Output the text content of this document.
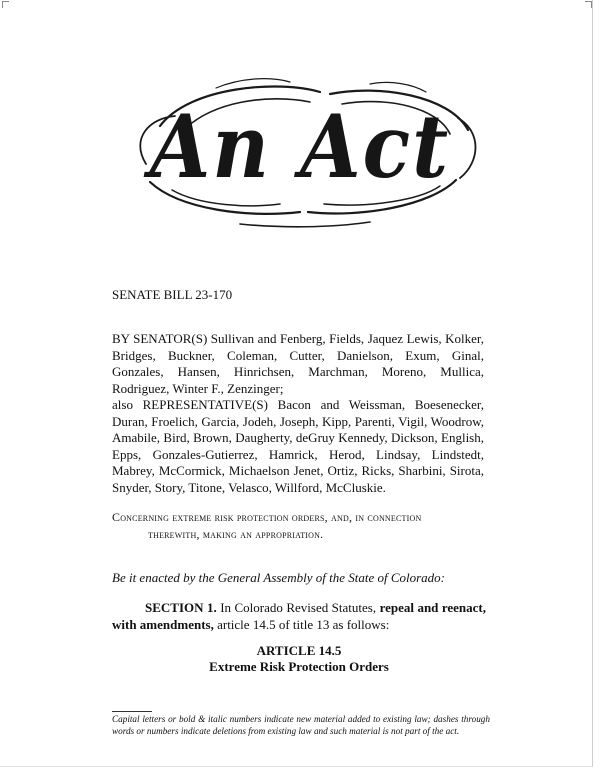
An Act
SENATE BILL 23-170

BY SENATOR(S) Sullivan and Fenberg, Fields, Jaquez Lewis, Kolker, Bridges, Buckner, Coleman, Cutter, Danielson, Exum, Ginal, Gonzales, Hansen, Hinrichsen, Marchman, Moreno, Mullica, Rodriguez, Winter F., Zenzinger;

also REPRESENTATIVE(S) Bacon and Weissman, Boesenecker, Duran, Froelich, Garcia, Jodeh, Joseph, Kipp, Parenti, Vigil, Woodrow, Amabile, Bird, Brown, Daugherty, deGruy Kennedy, Dickson, English, Epps, Gonzales-Gutierrez, Hamrick, Herod, Lindsay, Lindstedt, Mabrey, McCormick, Michaelson Jenet, Ortiz, Ricks, Sharbini, Sirota, Snyder, Story, Titone, Velasco, Willford, McCluskie.

Concerning extreme risk protection orders, and, in connection
therewith, making an appropriation.
Be it enacted by the General Assembly of the State of Colorado:
SECTION 1. In Colorado Revised Statutes, repeal and reenact, with amendments, article 14.5 of title 13 as follows:
ARTICLE 14.5
Extreme Risk Protection Orders
Capital letters or bold & italic numbers indicate new material added to existing law; dashes through words or numbers indicate deletions from existing law and such material is not part of the act.
